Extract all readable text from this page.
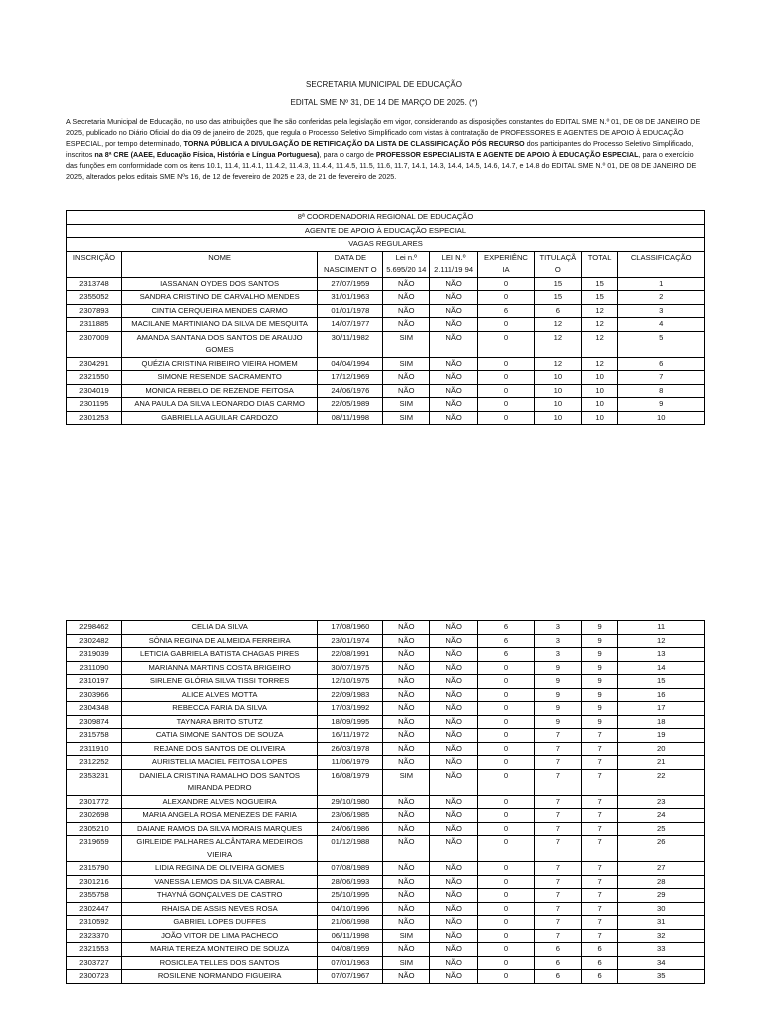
SECRETARIA MUNICIPAL DE EDUCAÇÃO
EDITAL SME Nº 31, DE 14 DE MARÇO DE 2025. (*)
A Secretaria Municipal de Educação, no uso das atribuições que lhe são conferidas pela legislação em vigor, considerando as disposições constantes do EDITAL SME N.º 01, DE 08 DE JANEIRO DE 2025, publicado no Diário Oficial do dia 09 de janeiro de 2025, que regula o Processo Seletivo Simplificado com vistas à contratação de PROFESSORES E AGENTES DE APOIO À EDUCAÇÃO ESPECIAL, por tempo determinado, TORNA PÚBLICA A DIVULGAÇÃO DE RETIFICAÇÃO DA LISTA DE CLASSIFICAÇÃO PÓS RECURSO dos participantes do Processo Seletivo Simplificado, inscritos na 8ª CRE (AAEE, Educação Física, História e Língua Portuguesa), para o cargo de PROFESSOR ESPECIALISTA E AGENTE DE APOIO À EDUCAÇÃO ESPECIAL, para o exercício das funções em conformidade com os itens 10.1, 11.4, 11.4.1, 11.4.2, 11.4.3, 11.4.4, 11.4.5, 11.5, 11.6, 11.7, 14.1, 14.3, 14.4, 14.5, 14.6, 14.7, e 14.8 do EDITAL SME N.º 01, DE 08 DE JANEIRO DE 2025, alterados pelos editais SME Nºs 16, de 12 de fevereiro de 2025 e 23, de 21 de fevereiro de 2025.
8ª COORDENADORIA REGIONAL DE EDUCAÇÃO								
AGENTE DE APOIO À EDUCAÇÃO ESPECIAL								
VAGAS REGULARES								
INSCRIÇÃO	NOME	DATA DE NASCIMENT O	Lei n.º 5.695/20 14	LEI N.º 2.111/19 94	EXPERIÊNC IA	TITULAÇÃ O	TOTAL	CLASSIFICAÇÃO
2313748	IASSANAN OYDES DOS SANTOS	27/07/1959	NÃO	NÃO	0	15	15	1
2355052	SANDRA CRISTINO DE CARVALHO MENDES	31/01/1963	NÃO	NÃO	0	15	15	2
2307893	CINTIA CERQUEIRA MENDES CARMO	01/01/1978	NÃO	NÃO	6	6	12	3
2311885	MACILANE MARTINIANO DA SILVA DE MESQUITA	14/07/1977	NÃO	NÃO	0	12	12	4
2307009	AMANDA SANTANA DOS SANTOS DE ARAUJO GOMES	30/11/1982	SIM	NÃO	0	12	12	5
2304291	QUÉZIA CRISTINA RIBEIRO VIEIRA HOMEM	04/04/1994	SIM	NÃO	0	12	12	6
2321550	SIMONE RESENDE SACRAMENTO	17/12/1969	NÃO	NÃO	0	10	10	7
2304019	MONICA REBELO DE REZENDE FEITOSA	24/06/1976	NÃO	NÃO	0	10	10	8
2301195	ANA PAULA DA SILVA LEONARDO DIAS CARMO	22/05/1989	SIM	NÃO	0	10	10	9
2301253	GABRIELLA AGUILAR CARDOZO	08/11/1998	SIM	NÃO	0	10	10	10
2298462	CELIA DA SILVA	17/08/1960	NÃO	NÃO	6	3	9	11
2302482	SÔNIA REGINA DE ALMEIDA FERREIRA	23/01/1974	NÃO	NÃO	6	3	9	12
2319039	LETICIA GABRIELA BATISTA CHAGAS PIRES	22/08/1991	NÃO	NÃO	6	3	9	13
2311090	MARIANNA MARTINS COSTA BRIGEIRO	30/07/1975	NÃO	NÃO	0	9	9	14
2310197	SIRLENE GLÓRIA SILVA TISSI TORRES	12/10/1975	NÃO	NÃO	0	9	9	15
2303966	ALICE ALVES MOTTA	22/09/1983	NÃO	NÃO	0	9	9	16
2304348	REBECCA FARIA DA SILVA	17/03/1992	NÃO	NÃO	0	9	9	17
2309874	TAYNARA BRITO STUTZ	18/09/1995	NÃO	NÃO	0	9	9	18
2315758	CATIA SIMONE SANTOS DE SOUZA	16/11/1972	NÃO	NÃO	0	7	7	19
2311910	REJANE DOS SANTOS DE OLIVEIRA	26/03/1978	NÃO	NÃO	0	7	7	20
2312252	AURISTELIA MACIEL FEITOSA LOPES	11/06/1979	NÃO	NÃO	0	7	7	21
2353231	DANIELA CRISTINA RAMALHO DOS SANTOS MIRANDA PEDRO	16/08/1979	SIM	NÃO	0	7	7	22
2301772	ALEXANDRE ALVES NOGUEIRA	29/10/1980	NÃO	NÃO	0	7	7	23
2302698	MARIA ANGELA ROSA MENEZES DE FARIA	23/06/1985	NÃO	NÃO	0	7	7	24
2305210	DAIANE RAMOS DA SILVA MORAIS MARQUES	24/06/1986	NÃO	NÃO	0	7	7	25
2319659	GIRLEIDE PALHARES ALCÂNTARA MEDEIROS VIEIRA	01/12/1988	NÃO	NÃO	0	7	7	26
2315790	LIDIA REGINA DE OLIVEIRA GOMES	07/08/1989	NÃO	NÃO	0	7	7	27
2301216	VANESSA LEMOS DA SILVA CABRAL	28/06/1993	NÃO	NÃO	0	7	7	28
2355758	THAYNÁ GONÇALVES DE CASTRO	25/10/1995	NÃO	NÃO	0	7	7	29
2302447	RHAISA DE ASSIS NEVES ROSA	04/10/1996	NÃO	NÃO	0	7	7	30
2310592	GABRIEL LOPES DUFFES	21/06/1998	NÃO	NÃO	0	7	7	31
2323370	JOÃO VITOR DE LIMA PACHECO	06/11/1998	SIM	NÃO	0	7	7	32
2321553	MARIA TEREZA MONTEIRO DE SOUZA	04/08/1959	NÃO	NÃO	0	6	6	33
2303727	ROSICLEA TELLES DOS SANTOS	07/01/1963	SIM	NÃO	0	6	6	34
2300723	ROSILENE NORMANDO FIGUEIRA	07/07/1967	NÃO	NÃO	0	6	6	35
